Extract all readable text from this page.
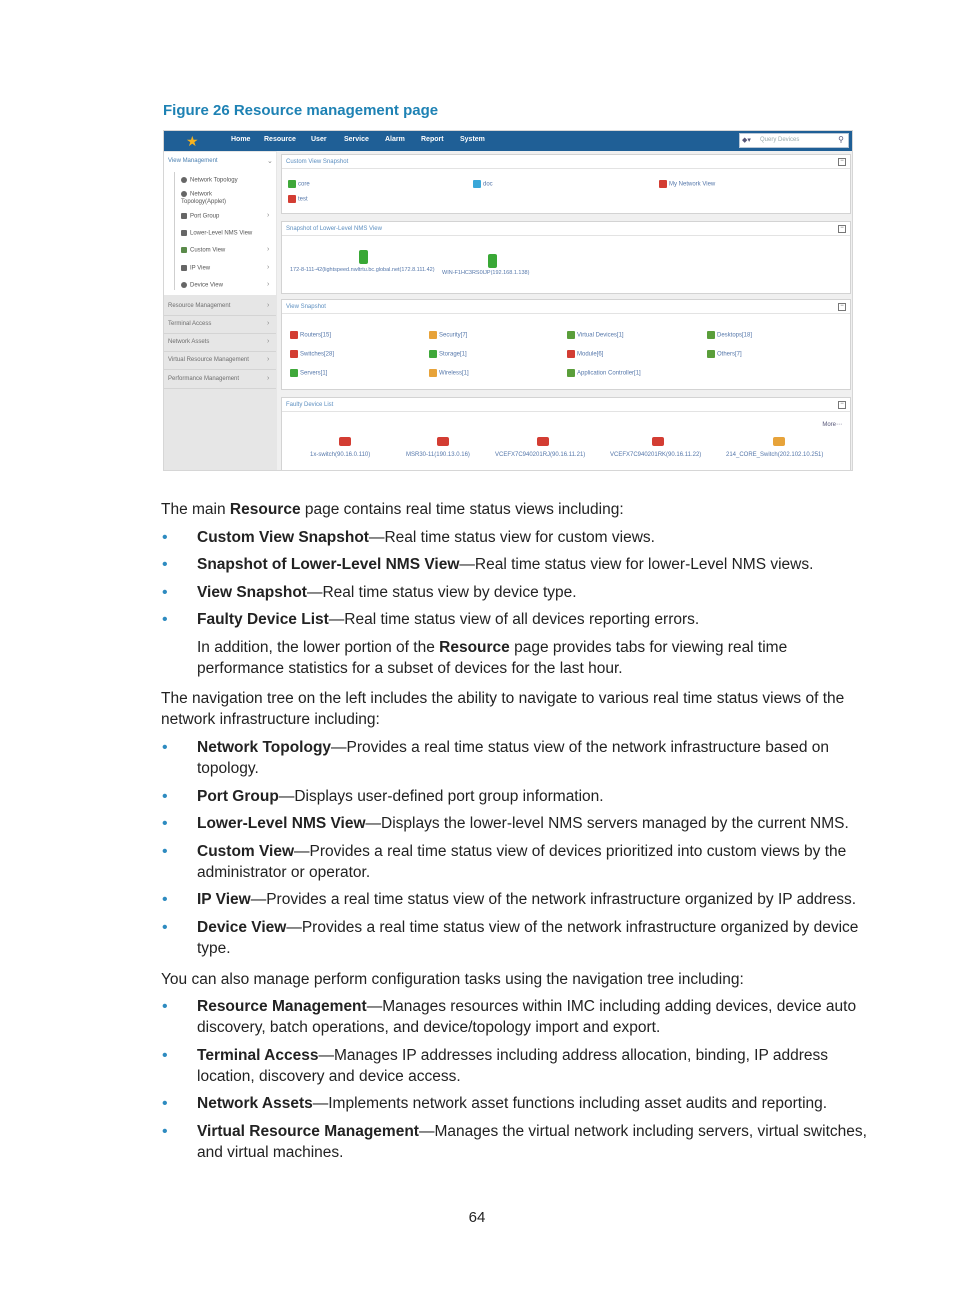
Figure 26 Resource management page
★	Home Resource User Service Alarm Report System	◆▾ Query Devices	⚲
View Management	⌄
Network Topology
Network Topology(Applet)
Port Group	›
Lower-Level NMS View
Custom View	›
IP View	›
Device View	›
Resource Management	›
Terminal Access	›
Network Assets	›
Virtual Resource Management	›
Performance Management	›
Custom View Snapshot	−
core	doc	My Network View
test
Snapshot of Lower-Level NMS View	−
172-8-111-42(lightspeed.nwltrtu.bc.global.net(172.8.111.42)	WIN-F1HC3RS0IJP(192.168.1.138)
View Snapshot	−
Routers[15]	Security[7]	Virtual Devices[1]	Desktops[18]
Switches[28]	Storage[1]	Module[6]	Others[7]
Servers[1]	Wireless[1]	Application Controller[1]
Faulty Device List	−
More⋯
1x-switch(90.16.0.110)	MSR30-11(190.13.0.16)	VCEFX7C940201RJ(90.16.11.21)	VCEFX7C940201RK(90.16.11.22)	214_CORE_Switch(202.102.10.251)
The main Resource page contains real time status views including:
• Custom View Snapshot—Real time status view for custom views.
• Snapshot of Lower-Level NMS View—Real time status view for lower-Level NMS views.
• View Snapshot—Real time status view by device type.
• Faulty Device List—Real time status view of all devices reporting errors.
In addition, the lower portion of the Resource page provides tabs for viewing real time performance statistics for a subset of devices for the last hour.
The navigation tree on the left includes the ability to navigate to various real time status views of the network infrastructure including:
• Network Topology—Provides a real time status view of the network infrastructure based on topology.
• Port Group—Displays user-defined port group information.
• Lower-Level NMS View—Displays the lower-level NMS servers managed by the current NMS.
• Custom View—Provides a real time status view of devices prioritized into custom views by the administrator or operator.
• IP View—Provides a real time status view of the network infrastructure organized by IP address.
• Device View—Provides a real time status view of the network infrastructure organized by device type.
You can also manage perform configuration tasks using the navigation tree including:
• Resource Management—Manages resources within IMC including adding devices, device auto discovery, batch operations, and device/topology import and export.
• Terminal Access—Manages IP addresses including address allocation, binding, IP address location, discovery and device access.
• Network Assets—Implements network asset functions including asset audits and reporting.
• Virtual Resource Management—Manages the virtual network including servers, virtual switches, and virtual machines.
64
